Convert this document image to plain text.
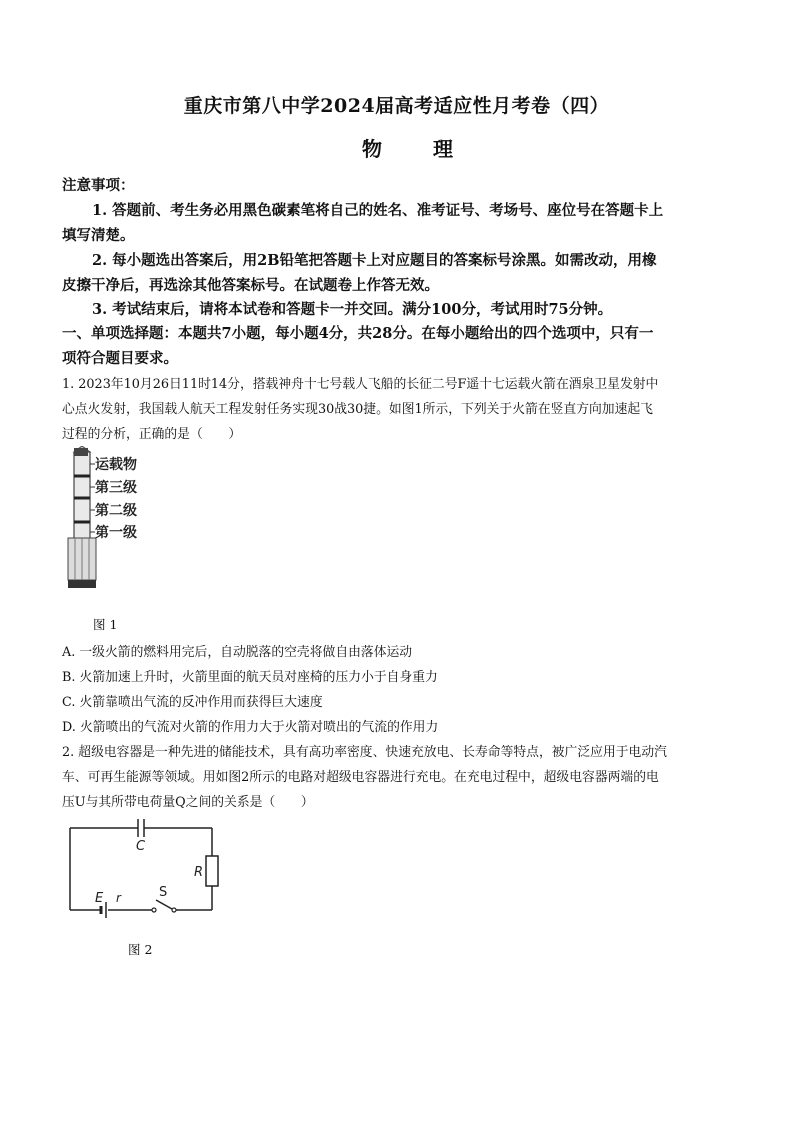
重庆市第八中学2024届高考适应性月考卷（四）
物 理
注意事项：
1. 答题前、考生务必用黑色碳素笔将自己的姓名、准考证号、考场号、座位号在答题卡上
填写清楚。
2. 每小题选出答案后，用2B铅笔把答题卡上对应题目的答案标号涂黑。如需改动，用橡
皮擦干净后，再选涂其他答案标号。在试题卷上作答无效。
3. 考试结束后，请将本试卷和答题卡一并交回。满分100分，考试用时75分钟。
一、单项选择题：本题共7小题，每小题4分，共28分。在每小题给出的四个选项中，只有一
项符合题目要求。
1. 2023年10月26日11时14分，搭载神舟十七号载人飞船的长征二号F遥十七运载火箭在酒泉卫星发射中
心点火发射，我国载人航天工程发射任务实现30战30捷。如图1所示，下列关于火箭在竖直方向加速起飞
过程的分析，正确的是（　　）
运载物
第三级
第二级
第一级
图 1
A. 一级火箭的燃料用完后，自动脱落的空壳将做自由落体运动
B. 火箭加速上升时，火箭里面的航天员对座椅的压力小于自身重力
C. 火箭靠喷出气流的反冲作用而获得巨大速度
D. 火箭喷出的气流对火箭的作用力大于火箭对喷出的气流的作用力
2. 超级电容器是一种先进的储能技术，具有高功率密度、快速充放电、长寿命等特点，被广泛应用于电动汽
车、可再生能源等领域。用如图2所示的电路对超级电容器进行充电。在充电过程中，超级电容器两端的电
压U与其所带电荷量Q之间的关系是（　　）
C
R
E r	S
图 2
